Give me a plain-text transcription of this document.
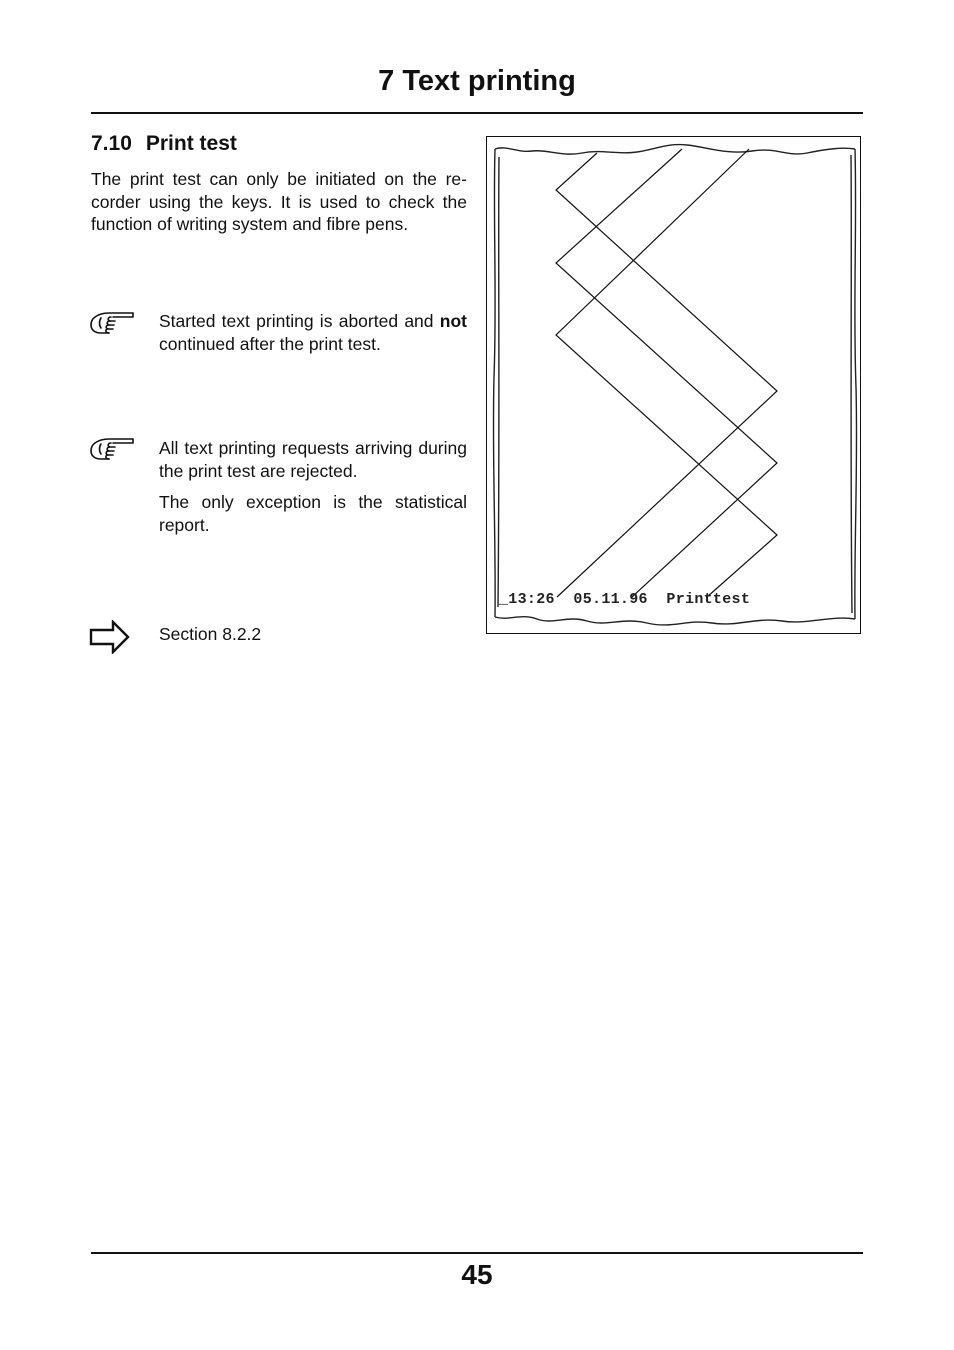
7 Text printing
7.10 Print test

The print test can only be initiated on the re-corder using the keys. It is used to check the function of writing system and fibre pens.

Started text printing is aborted and not continued after the print test.

All text printing requests arriving during the print test are rejected.

The only exception is the statistical report.

Section 8.2.2

_13:26  05.11.96  Printtest
45
